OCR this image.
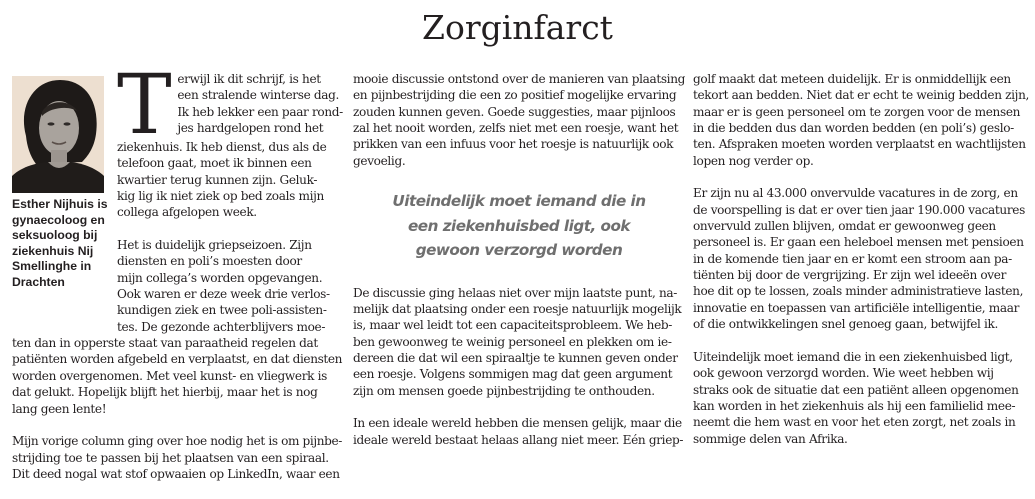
Zorginfarct
Esther Nijhuis is
gynaecoloog en
seksuoloog bij
ziekenhuis Nij
Smellinghe in
Drachten

T erwijl ik dit schrijf, is het
een stralende winterse dag.
Ik heb lekker een paar rond-
jes hardgelopen rond het
ziekenhuis. Ik heb dienst, dus als de
telefoon gaat, moet ik binnen een
kwartier terug kunnen zijn. Geluk-
kig lig ik niet ziek op bed zoals mijn
collega afgelopen week.

Het is duidelijk griepseizoen. Zijn
diensten en poli’s moesten door
mijn collega’s worden opgevangen.
Ook waren er deze week drie verlos-
kundigen ziek en twee poli-assisten-
tes. De gezonde achterblijvers moe-
ten dan in opperste staat van paraatheid regelen dat
patiënten worden afgebeld en verplaatst, en dat diensten
worden overgenomen. Met veel kunst- en vliegwerk is
dat gelukt. Hopelijk blijft het hierbij, maar het is nog
lang geen lente!

Mijn vorige column ging over hoe nodig het is om pijnbe-
strijding toe te passen bij het plaatsen van een spiraal.
Dit deed nogal wat stof opwaaien op LinkedIn, waar een

mooie discussie ontstond over de manieren van plaatsing
en pijnbestrijding die een zo positief mogelijke ervaring
zouden kunnen geven. Goede suggesties, maar pijnloos
zal het nooit worden, zelfs niet met een roesje, want het
prikken van een infuus voor het roesje is natuurlijk ook
gevoelig.

Uiteindelijk moet iemand die in
een ziekenhuisbed ligt, ook
gewoon verzorgd worden

De discussie ging helaas niet over mijn laatste punt, na-
melijk dat plaatsing onder een roesje natuurlijk mogelijk
is, maar wel leidt tot een capaciteitsprobleem. We heb-
ben gewoonweg te weinig personeel en plekken om ie-
dereen die dat wil een spiraaltje te kunnen geven onder
een roesje. Volgens sommigen mag dat geen argument
zijn om mensen goede pijnbestrijding te onthouden.

In een ideale wereld hebben die mensen gelijk, maar die
ideale wereld bestaat helaas allang niet meer. Eén griep-

golf maakt dat meteen duidelijk. Er is onmiddellijk een
tekort aan bedden. Niet dat er echt te weinig bedden zijn,
maar er is geen personeel om te zorgen voor de mensen
in die bedden dus dan worden bedden (en poli’s) geslo-
ten. Afspraken moeten worden verplaatst en wachtlijsten
lopen nog verder op.

Er zijn nu al 43.000 onvervulde vacatures in de zorg, en
de voorspelling is dat er over tien jaar 190.000 vacatures
onvervuld zullen blijven, omdat er gewoonweg geen
personeel is. Er gaan een heleboel mensen met pensioen
in de komende tien jaar en er komt een stroom aan pa-
tiënten bij door de vergrijzing. Er zijn wel ideeën over
hoe dit op te lossen, zoals minder administratieve lasten,
innovatie en toepassen van artificiële intelligentie, maar
of die ontwikkelingen snel genoeg gaan, betwijfel ik.

Uiteindelijk moet iemand die in een ziekenhuisbed ligt,
ook gewoon verzorgd worden. Wie weet hebben wij
straks ook de situatie dat een patiënt alleen opgenomen
kan worden in het ziekenhuis als hij een familielid mee-
neemt die hem wast en voor het eten zorgt, net zoals in
sommige delen van Afrika.
